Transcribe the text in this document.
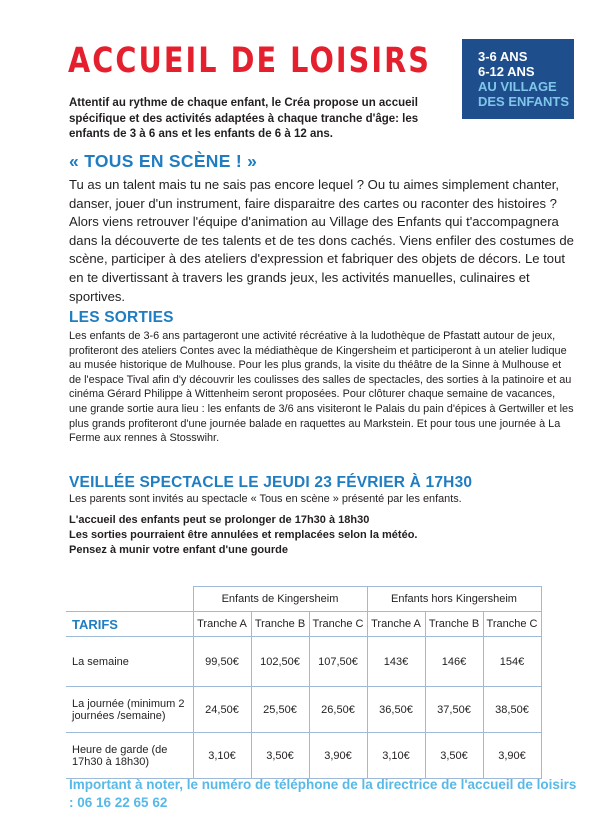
ACCUEIL DE LOISIRS	3-6 ANS
6-12 ANS
AU VILLAGE
DES ENFANTS
Attentif au rythme de chaque enfant, le Créa propose un accueil spécifique et des activités adaptées à chaque tranche d'âge: les enfants de 3 à 6 ans et les enfants de 6 à 12 ans.
« TOUS EN SCÈNE ! »
Tu as un talent mais tu ne sais pas encore lequel ? Ou tu aimes simplement chanter, danser, jouer d'un instrument, faire disparaitre des cartes ou raconter des histoires ? Alors viens retrouver l'équipe d'animation au Village des Enfants qui t'accompagnera dans la découverte de tes talents et de tes dons cachés. Viens enfiler des costumes de scène, participer à des ateliers d'expression et fabriquer des objets de décors. Le tout en te divertissant à travers les grands jeux, les activités manuelles, culinaires et sportives.
LES SORTIES
Les enfants de 3-6 ans partageront une activité récréative à la ludothèque de Pfastatt autour de jeux, profiteront des ateliers Contes avec la médiathèque de Kingersheim et participeront à un atelier ludique au musée historique de Mulhouse. Pour les plus grands, la visite du théâtre de la Sinne à Mulhouse et de l'espace Tival afin d'y découvrir les coulisses des salles de spectacles, des sorties à la patinoire et au cinéma Gérard Philippe à Wittenheim seront proposées. Pour clôturer chaque semaine de vacances, une grande sortie aura lieu : les enfants de 3/6 ans visiteront le Palais du pain d'épices à Gertwiller et les plus grands profiteront d'une journée balade en raquettes au Markstein. Et pour tous une journée à La Ferme aux rennes à Stosswihr.
VEILLÉE SPECTACLE LE JEUDI 23 FÉVRIER À 17H30
Les parents sont invités au spectacle « Tous en scène » présenté par les enfants.
L'accueil des enfants peut se prolonger de 17h30 à 18h30
Les sorties pourraient être annulées et remplacées selon la météo.
Pensez à munir votre enfant d'une gourde
	Enfants de Kingersheim			Enfants hors Kingersheim		
TARIFS	Tranche A	Tranche B	Tranche C	Tranche A	Tranche B	Tranche C
La semaine	99,50€	102,50€	107,50€	143€	146€	154€
La journée (minimum 2 journées /semaine)	24,50€	25,50€	26,50€	36,50€	37,50€	38,50€
Heure de garde (de 17h30 à 18h30)	3,10€	3,50€	3,90€	3,10€	3,50€	3,90€
Important à noter, le numéro de téléphone de la directrice de l'accueil de loisirs : 06 16 22 65 62
